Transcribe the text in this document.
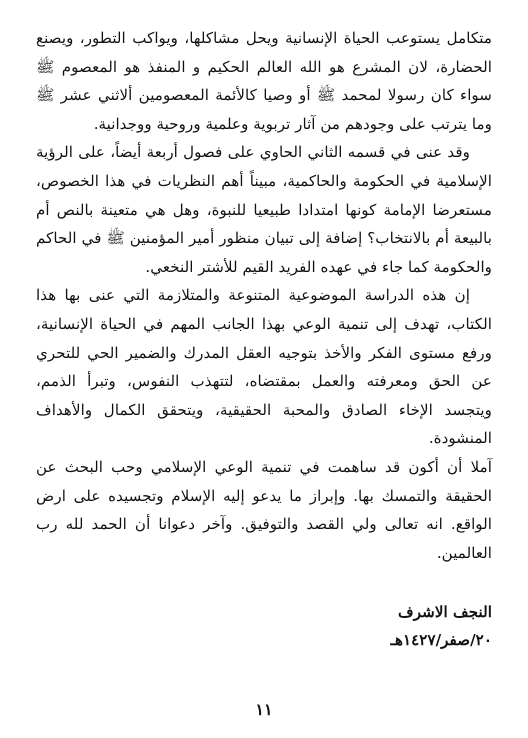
متكامل يستوعب الحياة الإنسانية ويحل مشاكلها، ويواكب التطور، ويصنع الحضارة، لان المشرع هو الله العالم الحكيم و المنفذ هو المعصوم ﷺ سواء كان رسولا لمحمد ﷺ أو وصيا كالأئمة المعصومين ألاثني عشر ﷺ وما يترتب على وجودهم من آثار تربوية وعلمية وروحية ووجدانية.

وقد عنى في قسمه الثاني الحاوي على فصول أربعة أيضاً، على الرؤية الإسلامية في الحكومة والحاكمية، مبيناً أهم النظريات في هذا الخصوص، مستعرضا الإمامة كونها امتدادا طبيعيا للنبوة، وهل هي متعينة بالنص أم بالبيعة أم بالانتخاب؟ إضافة إلى تبيان منظور أمير المؤمنين ﷺ في الحاكم والحكومة كما جاء في عهده الفريد القيم للأشتر النخعي.

إن هذه الدراسة الموضوعية المتنوعة والمتلازمة التي عنى بها هذا الكتاب، تهدف إلى تنمية الوعي بهذا الجانب المهم في الحياة الإنسانية، ورفع مستوى الفكر والأخذ بتوجيه العقل المدرك والضمير الحي للتحري عن الحق ومعرفته والعمل بمقتضاه، لتتهذب النفوس، وتبرأ الذمم، ويتجسد الإخاء الصادق والمحبة الحقيقية، ويتحقق الكمال والأهداف المنشودة.

آملا أن أكون قد ساهمت في تنمية الوعي الإسلامي وحب البحث عن الحقيقة والتمسك بها. وإبراز ما يدعو إليه الإسلام وتجسيده على ارض الواقع. انه تعالى ولي القصد والتوفيق. وآخر دعوانا أن الحمد لله رب العالمين.

النجف الاشرف
٢٠/صفر/١٤٢٧هـ
١١
